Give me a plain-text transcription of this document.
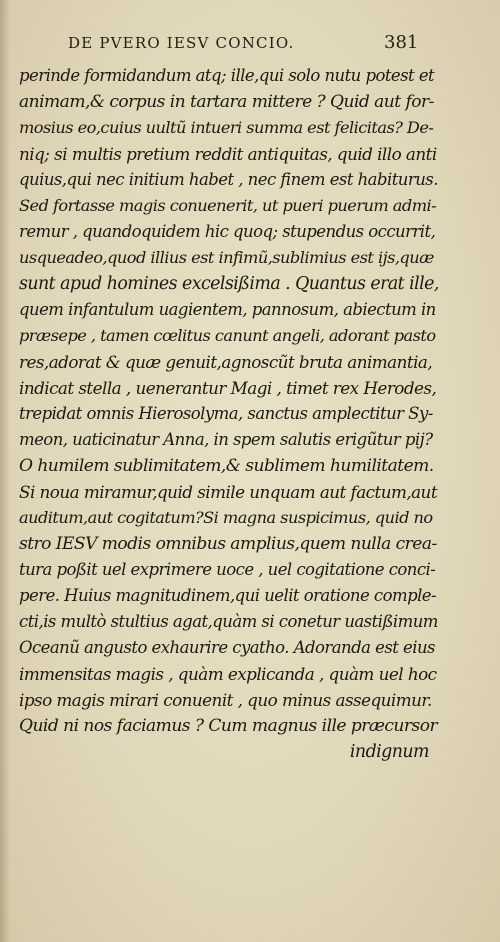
DE PVERO IESV CONCIO.	381
perinde formidandum atq; ille,qui solo nutu potest et
animam,& corpus in tartara mittere ? Quid aut for-
mosius eo,cuius uultũ intueri summa est felicitas? De-
niq; si multis pretium reddit antiquitas, quid illo anti
quius,qui nec initium habet , nec finem est habiturus.
Sed fortasse magis conuenerit, ut pueri puerum admi-
remur , quandoquidem hic quoq; stupendus occurrit,
usqueadeo,quod illius est infimũ,sublimius est ijs,quæ
sunt apud homines excelsißima . Quantus erat ille,
quem infantulum uagientem, pannosum, abiectum in
præsepe , tamen cœlitus canunt angeli, adorant pasto
res,adorat & quæ genuit,agnoscũt bruta animantia,
indicat stella , uenerantur Magi , timet rex Herodes,
trepidat omnis Hierosolyma, sanctus amplectitur Sy-
meon, uaticinatur Anna, in spem salutis erigũtur pij?
O humilem sublimitatem,& sublimem humilitatem.
Si noua miramur,quid simile unquam aut factum,aut
auditum,aut cogitatum?Si magna suspicimus, quid no
stro IESV modis omnibus amplius,quem nulla crea-
tura poßit uel exprimere uoce , uel cogitatione conci-
pere. Huius magnitudinem,qui uelit oratione comple-
cti,is multò stultius agat,quàm si conetur uastißimum
Oceanũ angusto exhaurire cyatho. Adoranda est eius
immensitas magis , quàm explicanda , quàm uel hoc
ipso magis mirari conuenit , quo minus assequimur.
Quid ni nos faciamus ? Cum magnus ille præcursor
indignum
